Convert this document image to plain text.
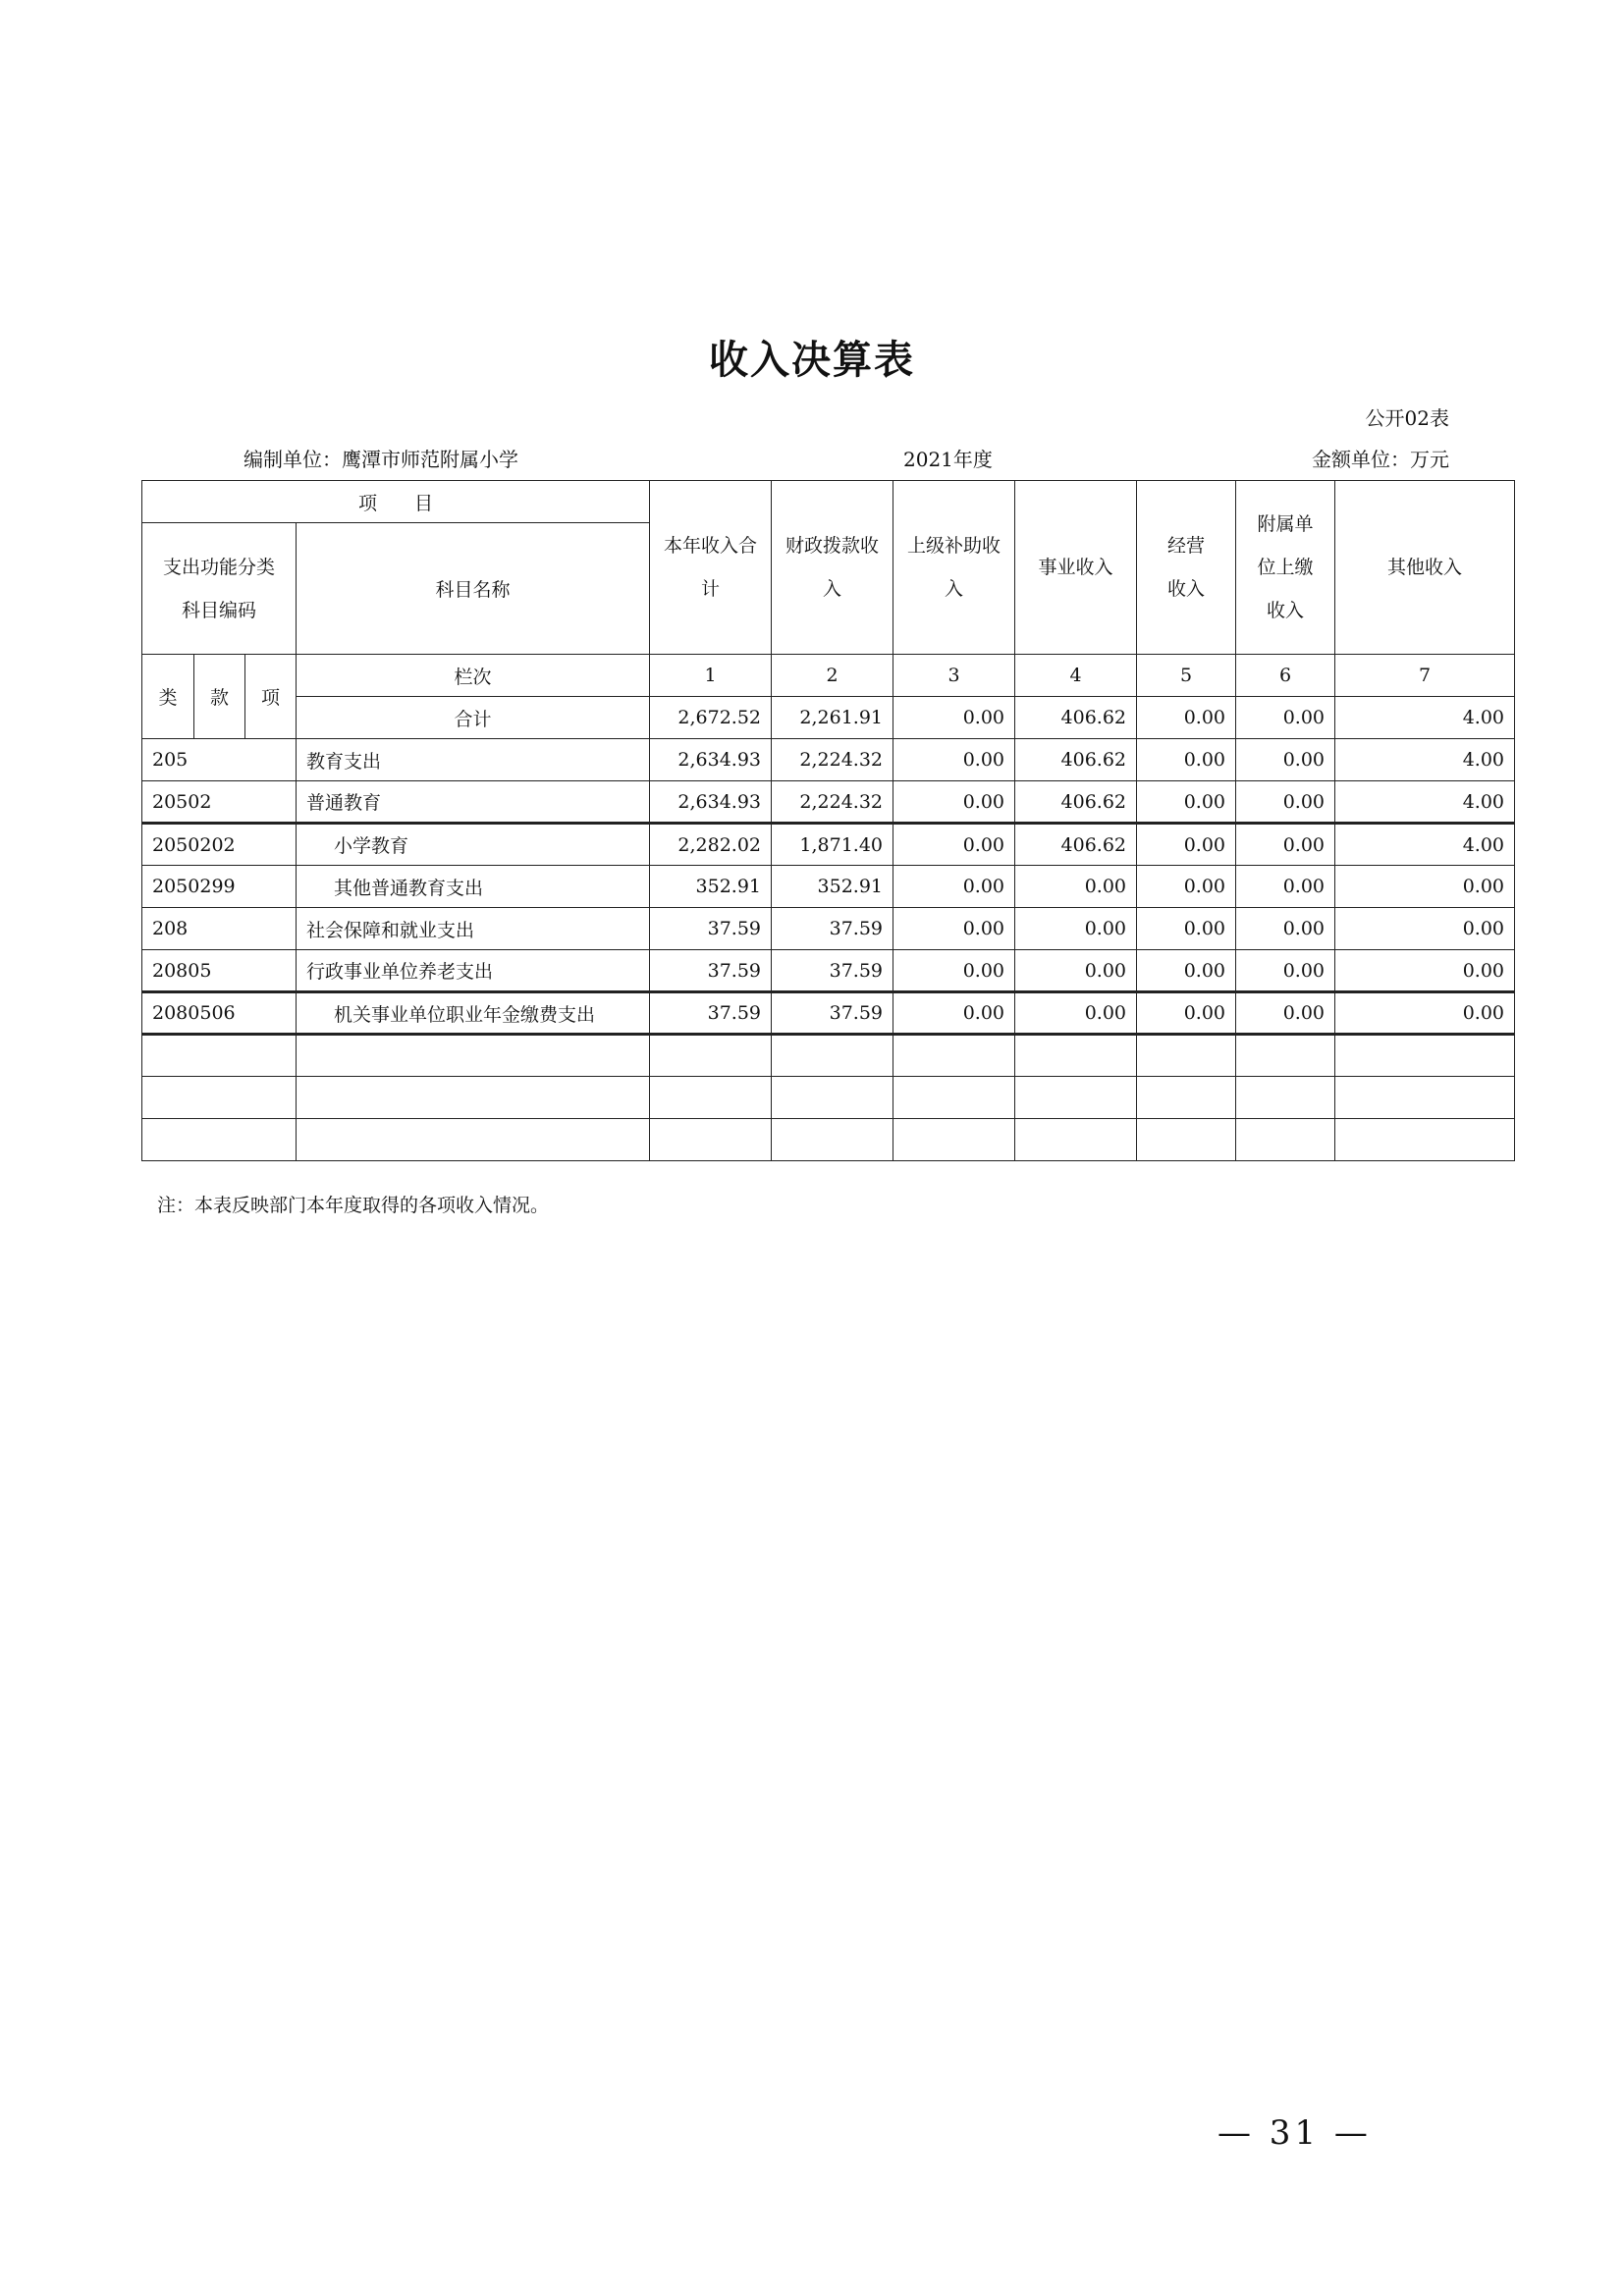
收入决算表
公开02表
编制单位：鹰潭市师范附属小学	2021年度	金额单位：万元
项　　目				本年收入合计	财政拨款收入	上级补助收入	事业收入	经营收入	附属单位上缴收入	其他收入
支出功能分类科目编码			科目名称							
类	款	项	栏次	1	2	3	4	5	6	7
			合计	2,672.52	2,261.91	0.00	406.62	0.00	0.00	4.00
205			教育支出	2,634.93	2,224.32	0.00	406.62	0.00	0.00	4.00
20502			普通教育	2,634.93	2,224.32	0.00	406.62	0.00	0.00	4.00
2050202			小学教育	2,282.02	1,871.40	0.00	406.62	0.00	0.00	4.00
2050299			其他普通教育支出	352.91	352.91	0.00	0.00	0.00	0.00	0.00
208			社会保障和就业支出	37.59	37.59	0.00	0.00	0.00	0.00	0.00
20805			行政事业单位养老支出	37.59	37.59	0.00	0.00	0.00	0.00	0.00
2080506			机关事业单位职业年金缴费支出	37.59	37.59	0.00	0.00	0.00	0.00	0.00

注：本表反映部门本年度取得的各项收入情况。
— 31 —
